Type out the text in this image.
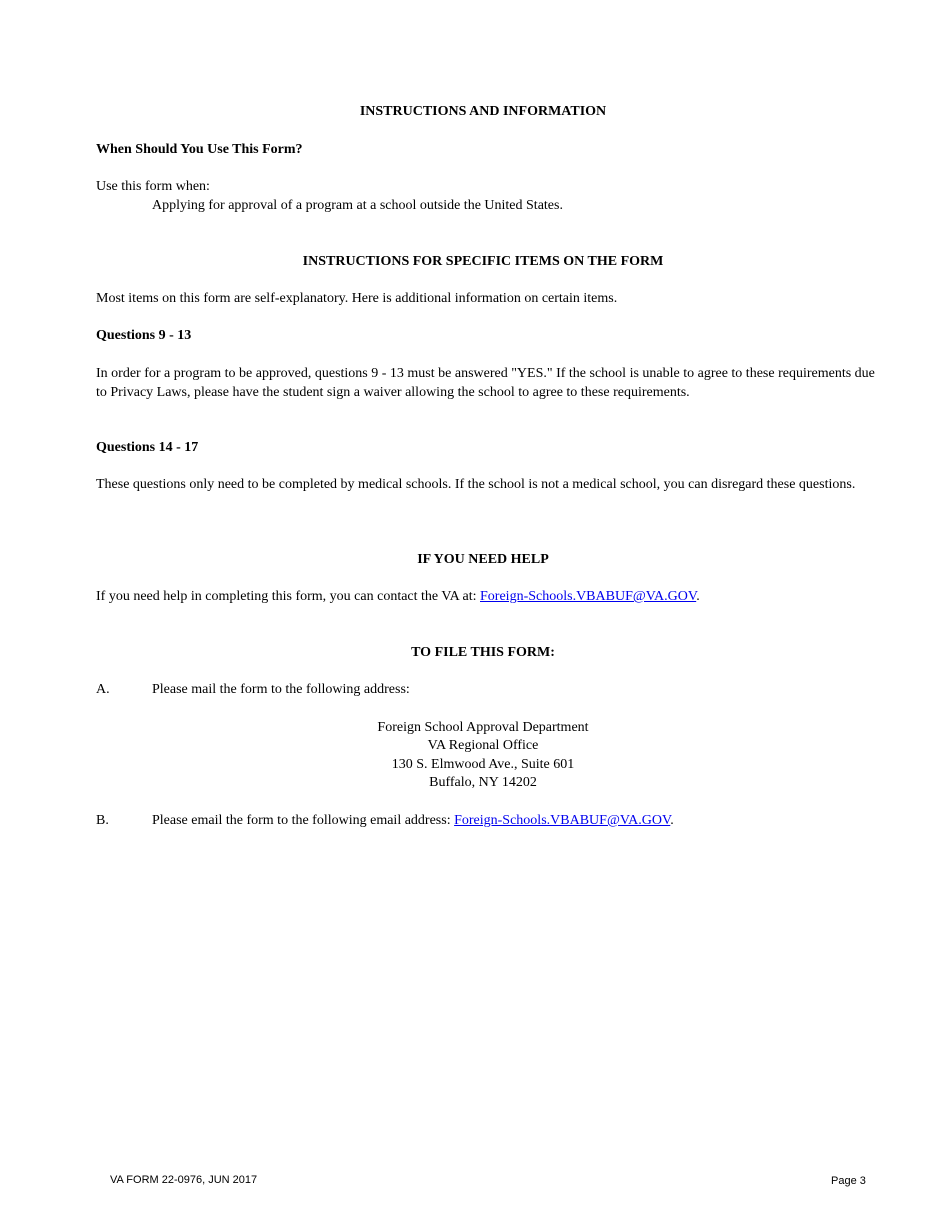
INSTRUCTIONS AND INFORMATION
When Should You Use This Form?
Use this form when:
Applying for approval of a program at a school outside the United States.
INSTRUCTIONS FOR SPECIFIC ITEMS ON THE FORM
Most items on this form are self-explanatory. Here is additional information on certain items.
Questions 9 - 13
In order for a program to be approved, questions 9 - 13 must be answered "YES." If the school is unable to agree to these requirements due to Privacy Laws, please have the student sign a waiver allowing the school to agree to these requirements.
Questions 14 - 17
These questions only need to be completed by medical schools. If the school is not a medical school, you can disregard these questions.
IF YOU NEED HELP
If you need help in completing this form, you can contact the VA at: Foreign-Schools.VBABUF@VA.GOV.
TO FILE THIS FORM:
A.	Please mail the form to the following address:
Foreign School Approval Department
VA Regional Office
130 S. Elmwood Ave., Suite 601
Buffalo, NY 14202
B.	Please email the form to the following email address: Foreign-Schools.VBABUF@VA.GOV.
VA FORM 22-0976, JUN 2017	Page 3
